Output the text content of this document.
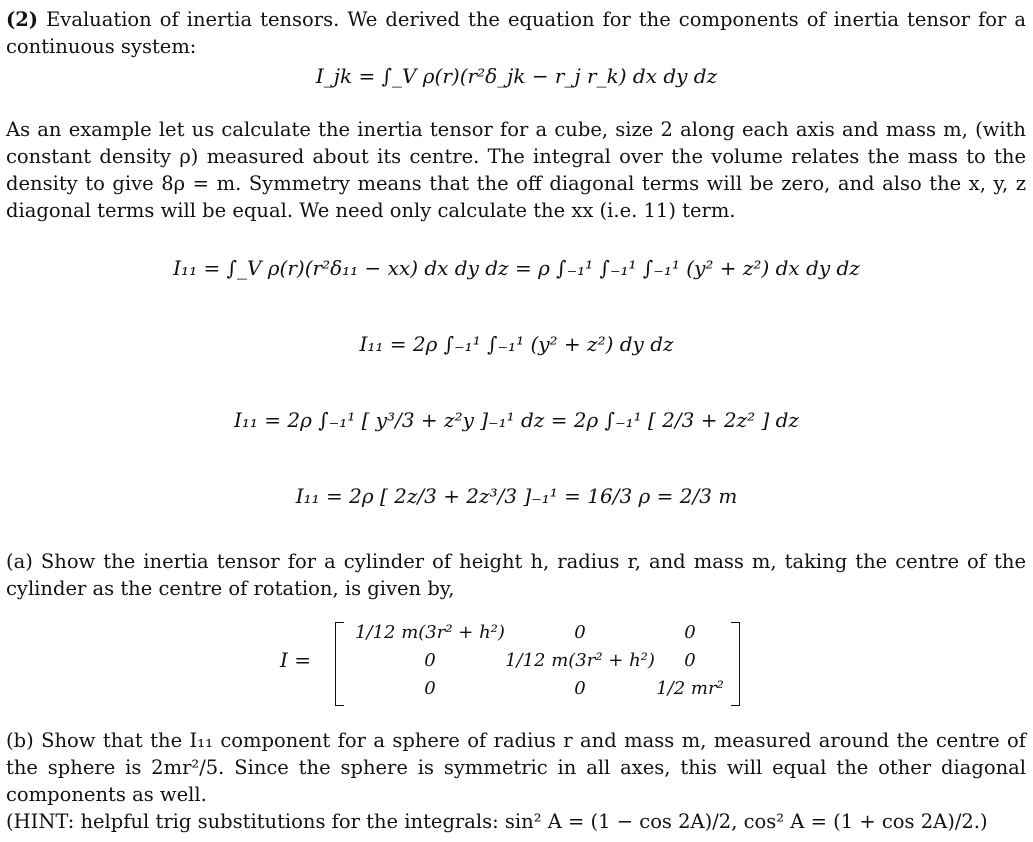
(2) Evaluation of inertia tensors. We derived the equation for the components of inertia tensor for a continuous system:
I_jk = ∫_V ρ(r)(r²δ_jk − r_j r_k) dx dy dz
As an example let us calculate the inertia tensor for a cube, size 2 along each axis and mass m, (with constant density ρ) measured about its centre. The integral over the volume relates the mass to the density to give 8ρ = m. Symmetry means that the off diagonal terms will be zero, and also the x, y, z diagonal terms will be equal. We need only calculate the xx (i.e. 11) term.
I₁₁ = ∫_V ρ(r)(r²δ₁₁ − xx) dx dy dz = ρ ∫₋₁¹ ∫₋₁¹ ∫₋₁¹ (y² + z²) dx dy dz
I₁₁ = 2ρ ∫₋₁¹ ∫₋₁¹ (y² + z²) dy dz
I₁₁ = 2ρ ∫₋₁¹ [ y³/3 + z²y ]₋₁¹ dz = 2ρ ∫₋₁¹ [ 2/3 + 2z² ] dz
I₁₁ = 2ρ [ 2z/3 + 2z³/3 ]₋₁¹ = 16/3 ρ = 2/3 m
(a) Show the inertia tensor for a cylinder of height h, radius r, and mass m, taking the centre of the cylinder as the centre of rotation, is given by,
I =
1/12 m(3r² + h²)	0	0
0	1/12 m(3r² + h²)	0
0	0	1/2 mr²
(b) Show that the I₁₁ component for a sphere of radius r and mass m, measured around the centre of the sphere is 2mr²/5. Since the sphere is symmetric in all axes, this will equal the other diagonal components as well.
(HINT: helpful trig substitutions for the integrals: sin² A = (1 − cos 2A)/2, cos² A = (1 + cos 2A)/2.)
